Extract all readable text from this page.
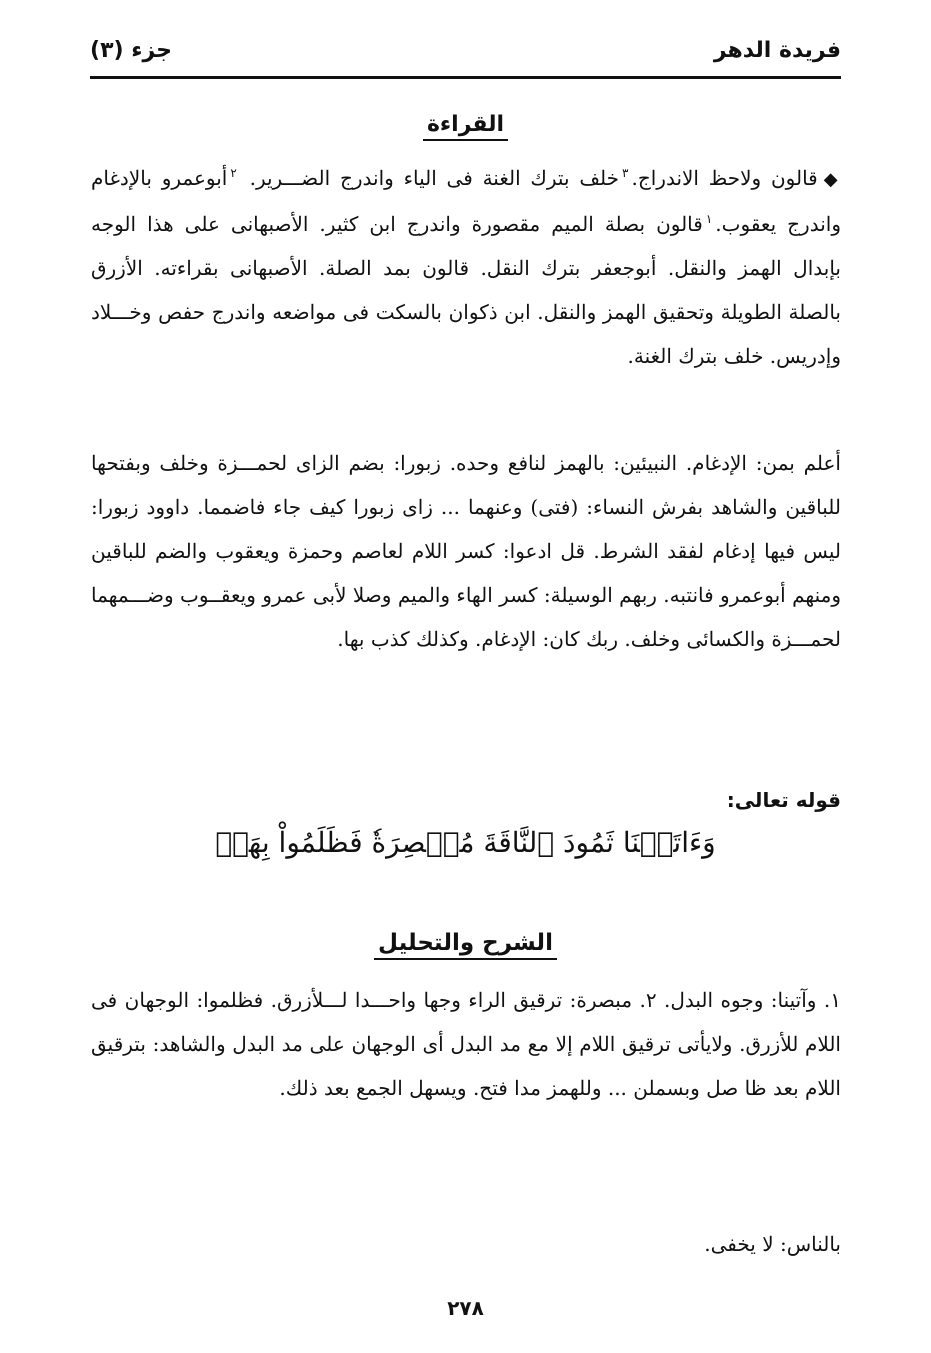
فريدة الدهر
جزء (٣)
القراءة

◆قالون ولاحظ الاندراج.$^٣$خلف بترك الغنة فى الياء واندرج الضـــرير. $^٢$أبوعمرو بالإدغام واندرج يعقوب.$^١$قالون بصلة الميم مقصورة واندرج ابن كثير. الأصبهانى على هذا الوجه بإبدال الهمز والنقل. أبوجعفر بترك النقل. قالون بمد الصلة. الأصبهانى بقراءته. الأزرق بالصلة الطويلة وتحقيق الهمز والنقل. ابن ذكوان بالسكت فى مواضعه واندرج حفص وخـــلاد وإدريس. خلف بترك الغنة.

أعلم بمن: الإدغام. النبيئين: بالهمز لنافع وحده. زبورا: بضم الزاى لحمـــزة وخلف وبفتحها للباقين والشاهد بفرش النساء: (فتى) وعنهما ... زاى زبورا كيف جاء فاضمما. داوود زبورا: ليس فيها إدغام لفقد الشرط. قل ادعوا: كسر اللام لعاصم وحمزة ويعقوب والضم للباقين ومنهم أبوعمرو فانتبه. ربهم الوسيلة: كسر الهاء والميم وصلا لأبى عمرو ويعقــوب وضـــمهما لحمـــزة والكسائى وخلف. ربك كان: الإدغام. وكذلك كذب بها.

قوله تعالى:

وَءَاتَيۡنَا ثَمُودَ ٱلنَّاقَةَ مُبۡصِرَةٗ فَظَلَمُواْ بِهَاۚ
الشرح والتحليل

١. وآتينا: وجوه البدل. ٢. مبصرة: ترقيق الراء وجها واحـــدا لـــلأزرق. فظلموا: الوجهان فى اللام للأزرق. ولايأتى ترقيق اللام إلا مع مد البدل أى الوجهان على مد البدل والشاهد: بترقيق اللام بعد ظا صل وبسملن ... وللهمز مدا فتح. ويسهل الجمع بعد ذلك.

بالناس: لا يخفى.

٢٧٨
